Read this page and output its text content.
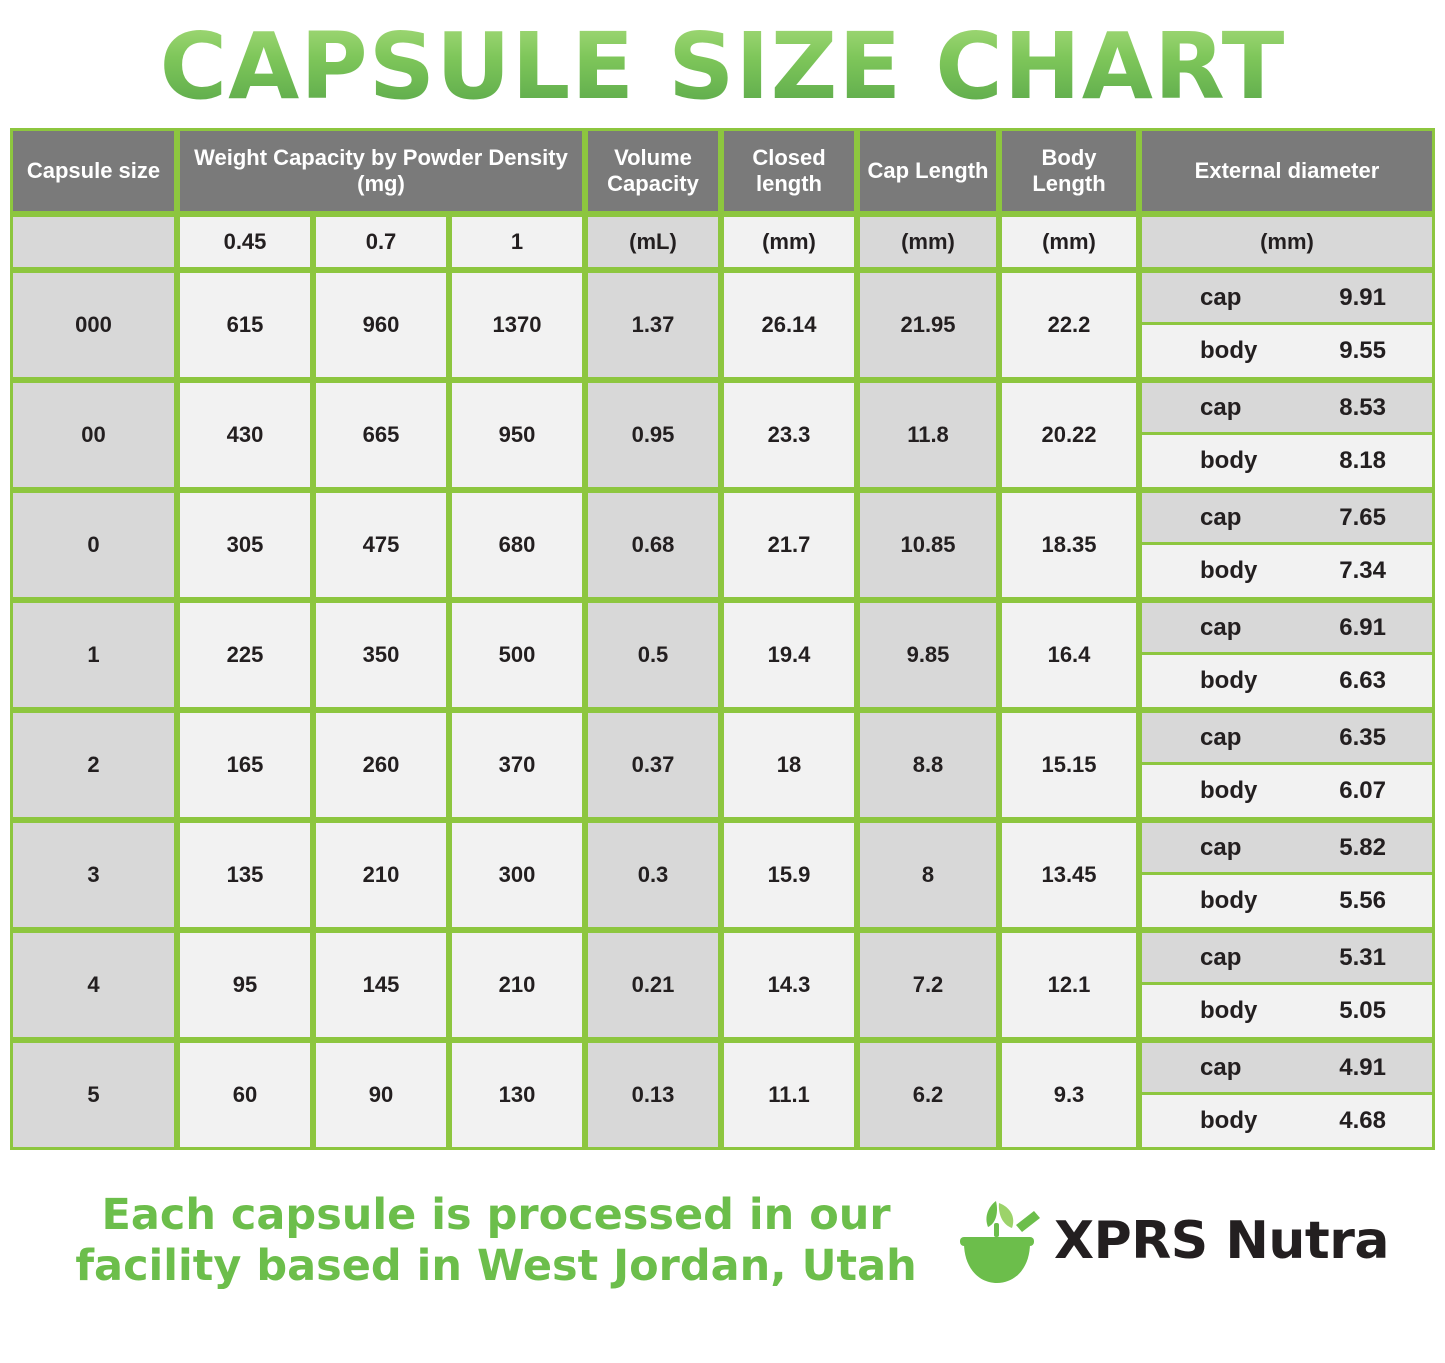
CAPSULE SIZE CHART
Capsule size	Weight Capacity by Powder Density (mg)			Volume Capacity	Closed length	Cap Length	Body Length	External diameter
	0.45	0.7	1	(mL)	(mm)	(mm)	(mm)	(mm)
000	615	960	1370	1.37	26.14	21.95	22.2	cap 9.91
body 9.55

00	430	665	950	0.95	23.3	11.8	20.22	cap 8.53
body 8.18

0	305	475	680	0.68	21.7	10.85	18.35	cap 7.65
body 7.34

1	225	350	500	0.5	19.4	9.85	16.4	cap 6.91
body 6.63

2	165	260	370	0.37	18	8.8	15.15	cap 6.35
body 6.07

3	135	210	300	0.3	15.9	8	13.45	cap 5.82
body 5.56

4	95	145	210	0.21	14.3	7.2	12.1	cap 5.31
body 5.05

5	60	90	130	0.13	11.1	6.2	9.3	cap 4.91
body 4.68
Each capsule is processed in our facility based in West Jordan, Utah	XPRS Nutra
